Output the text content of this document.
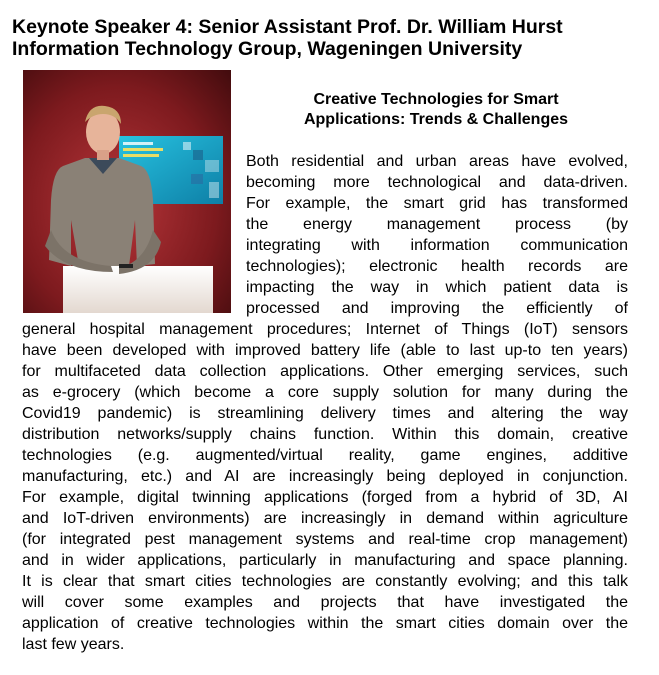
Keynote Speaker 4: Senior Assistant Prof. Dr. William Hurst
Information Technology Group, Wageningen University
Creative Technologies for Smart
Applications: Trends & Challenges
Both residential and urban areas have evolved,
becoming more technological and data-driven.
For example, the smart grid has transformed
the energy management process (by
integrating with information communication
technologies); electronic health records are
impacting the way in which patient data is
processed and improving the efficiently of
general hospital management procedures; Internet of Things (IoT) sensors
have been developed with improved battery life (able to last up-to ten years)
for multifaceted data collection applications. Other emerging services, such
as e-grocery (which become a core supply solution for many during the
Covid19 pandemic) is streamlining delivery times and altering the way
distribution networks/supply chains function. Within this domain, creative
technologies (e.g. augmented/virtual reality, game engines, additive
manufacturing, etc.) and AI are increasingly being deployed in conjunction.
For example, digital twinning applications (forged from a hybrid of 3D, AI
and IoT-driven environments) are increasingly in demand within agriculture
(for integrated pest management systems and real-time crop management)
and in wider applications, particularly in manufacturing and space planning.
It is clear that smart cities technologies are constantly evolving; and this talk
will cover some examples and projects that have investigated the
application of creative technologies within the smart cities domain over the
last few years.
